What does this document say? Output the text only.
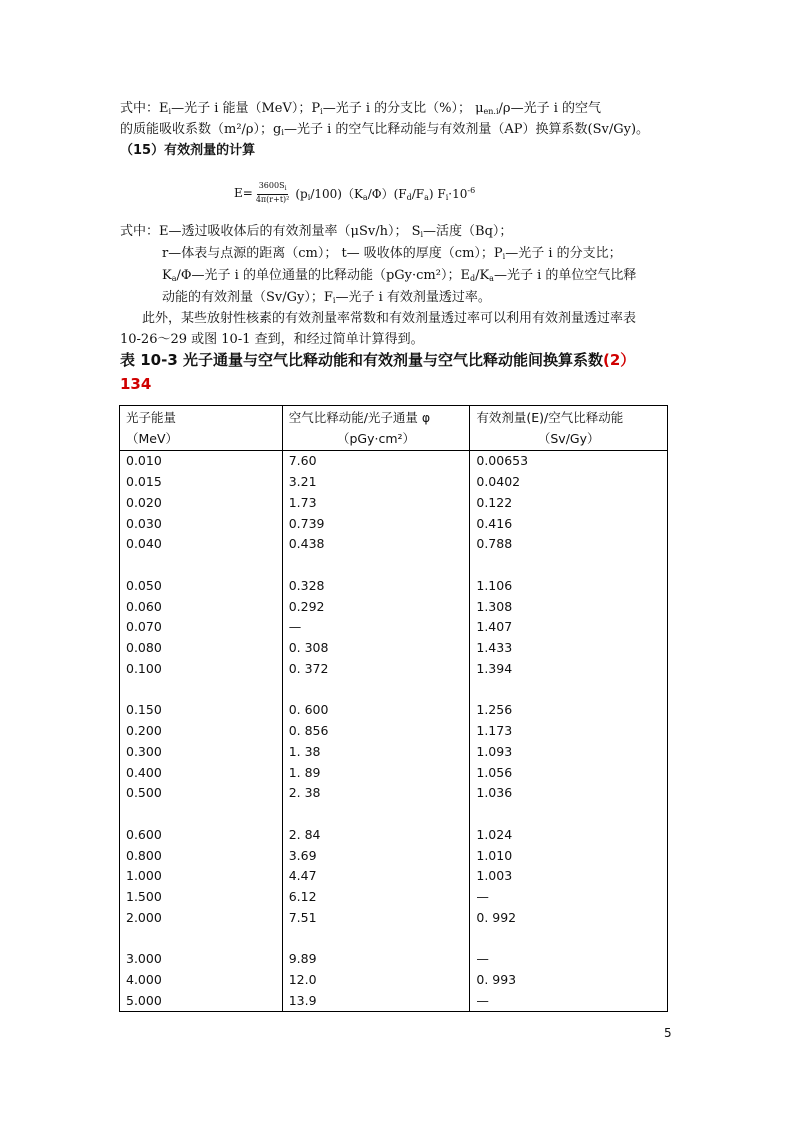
式中：$E_i—$光子 i 能量（MeV）；$P_i—$光子 i 的分支比（%）； $\mu_{en.i}/\rho—$光子 i 的空气
的质能吸收系数（m²/ρ）；$g_i—$光子 i 的空气比释动能与有效剂量（AP）换算系数(Sv/Gy)。
（15）有效剂量的计算
$E= \frac{3600S_i}{\text{4π(r+t)²}} (p_i/100)(K_a/\Phi)(F_d/F_a)$ $F_i\cdot 10^{-6}$
式中：E—透过吸收体后的有效剂量率（μSv/h）； $S_i—$活度（Bq）；
r—体表与点源的距离（cm）； t— 吸收体的厚度（cm）；$P_i—$光子 i 的分支比；
$K_a/\Phi—$光子 i 的单位通量的比释动能（pGy·cm²）；$E_d/K_a—$光子 i 的单位空气比释
动能的有效剂量（Sv/Gy）；$F_i—$光子 i 有效剂量透过率。
此外，某些放射性核素的有效剂量率常数和有效剂量透过率可以利用有效剂量透过率表
10-26～29 或图 10-1 查到，和经过简单计算得到。
表 10-3 光子通量与空气比释动能和有效剂量与空气比释动能间换算系数(2）
134
光子能量	空气比释动能/光子通量 φ	有效剂量(E)/空气比释动能
（MeV）	（pGy·cm²）	（Sv/Gy）

0.010	7.60	0.00653
0.015	3.21	0.0402
0.020	1.73	0.122
0.030	0.739	0.416
0.040	0.438	0.788

0.050	0.328	1.106
0.060	0.292	1.308
0.070	—	1.407
0.080	0. 308	1.433
0.100	0. 372	1.394

0.150	0. 600	1.256
0.200	0. 856	1.173
0.300	1. 38	1.093
0.400	1. 89	1.056
0.500	2. 38	1.036

0.600	2. 84	1.024
0.800	3.69	1.010
1.000	4.47	1.003
1.500	6.12	—
2.000	7.51	0. 992

3.000	9.89	—
4.000	12.0	0. 993
5.000	13.9	—
5
